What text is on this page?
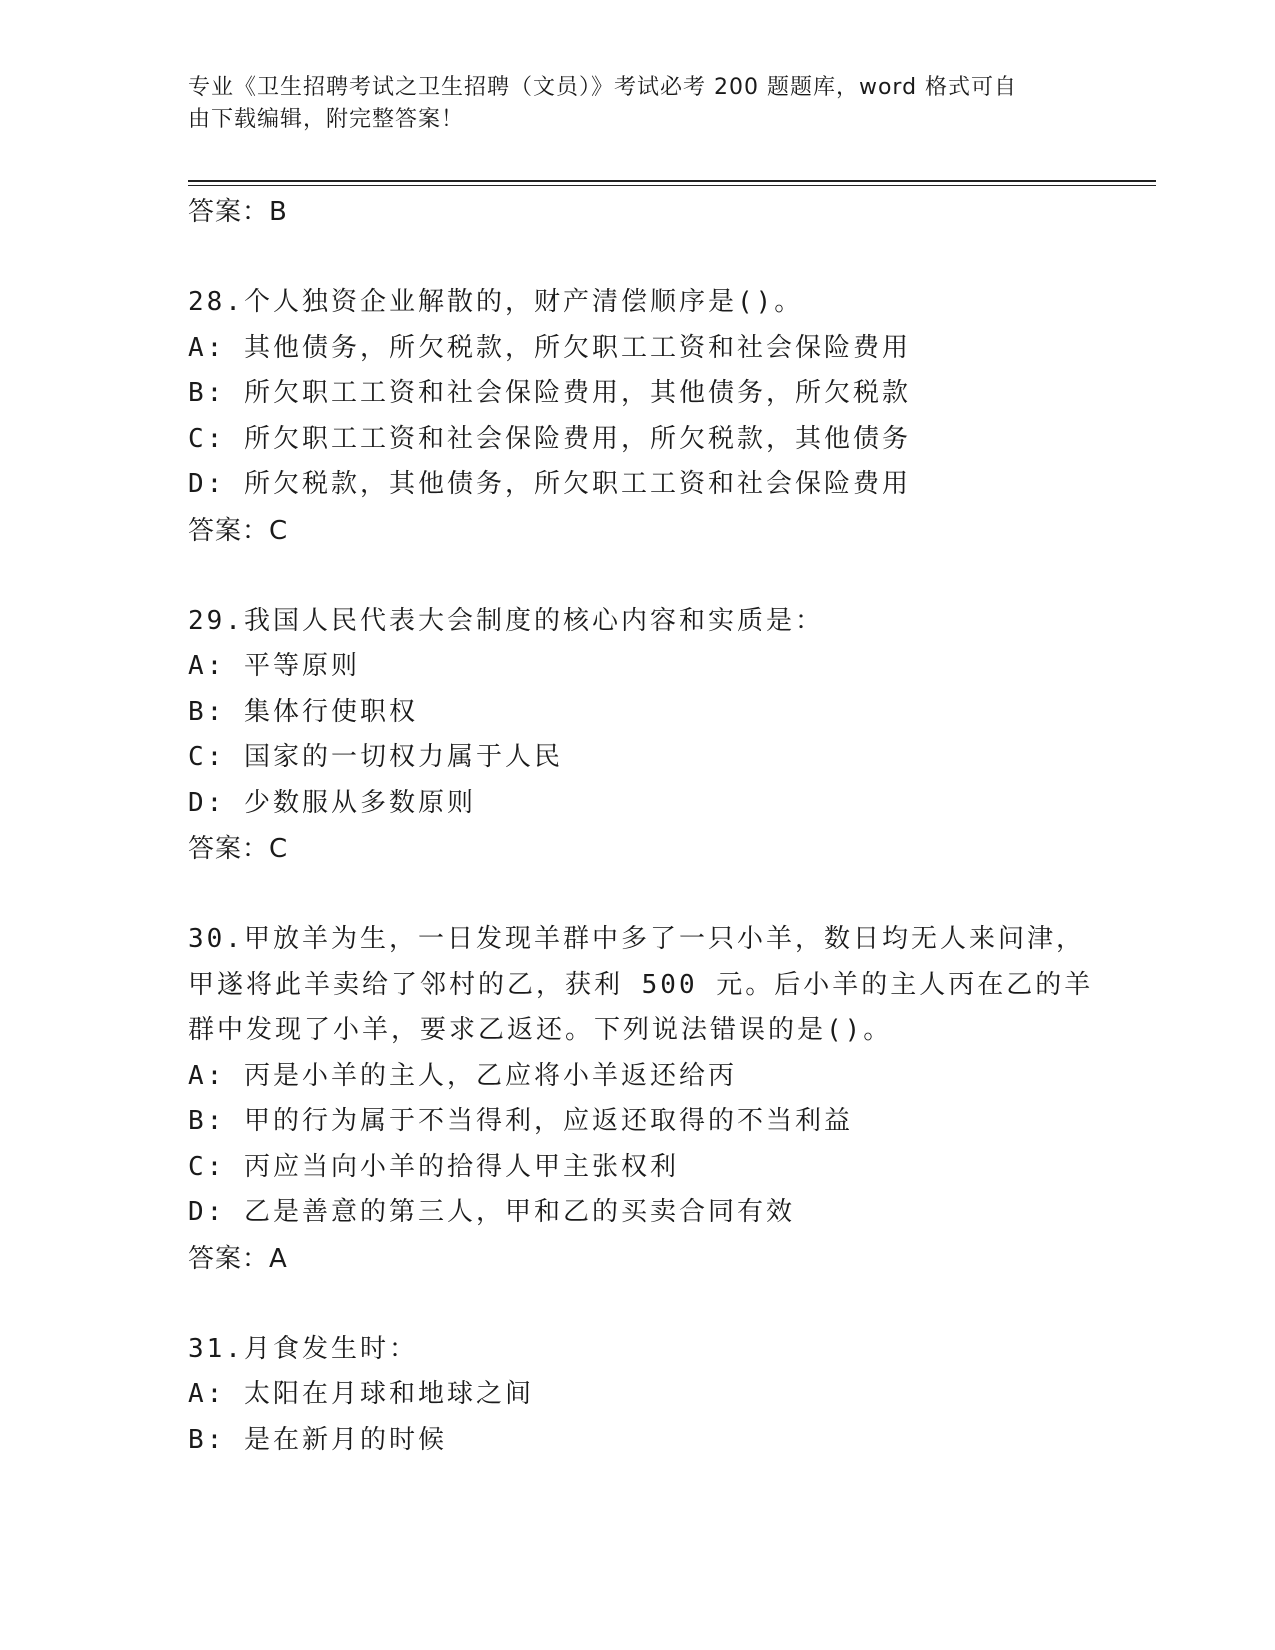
专业《卫生招聘考试之卫生招聘（文员）》考试必考 200 题题库，word 格式可自
由下载编辑，附完整答案！
答案：B
28.个人独资企业解散的，财产清偿顺序是()。
A: 其他债务，所欠税款，所欠职工工资和社会保险费用
B: 所欠职工工资和社会保险费用，其他债务，所欠税款
C: 所欠职工工资和社会保险费用，所欠税款，其他债务
D: 所欠税款，其他债务，所欠职工工资和社会保险费用
答案：C
29.我国人民代表大会制度的核心内容和实质是：
A: 平等原则
B: 集体行使职权
C: 国家的一切权力属于人民
D: 少数服从多数原则
答案：C
30.甲放羊为生，一日发现羊群中多了一只小羊，数日均无人来问津，
甲遂将此羊卖给了邻村的乙，获利 500 元。后小羊的主人丙在乙的羊
群中发现了小羊，要求乙返还。下列说法错误的是()。
A: 丙是小羊的主人，乙应将小羊返还给丙
B: 甲的行为属于不当得利，应返还取得的不当利益
C: 丙应当向小羊的拾得人甲主张权利
D: 乙是善意的第三人，甲和乙的买卖合同有效
答案：A
31.月食发生时：
A: 太阳在月球和地球之间
B: 是在新月的时候
